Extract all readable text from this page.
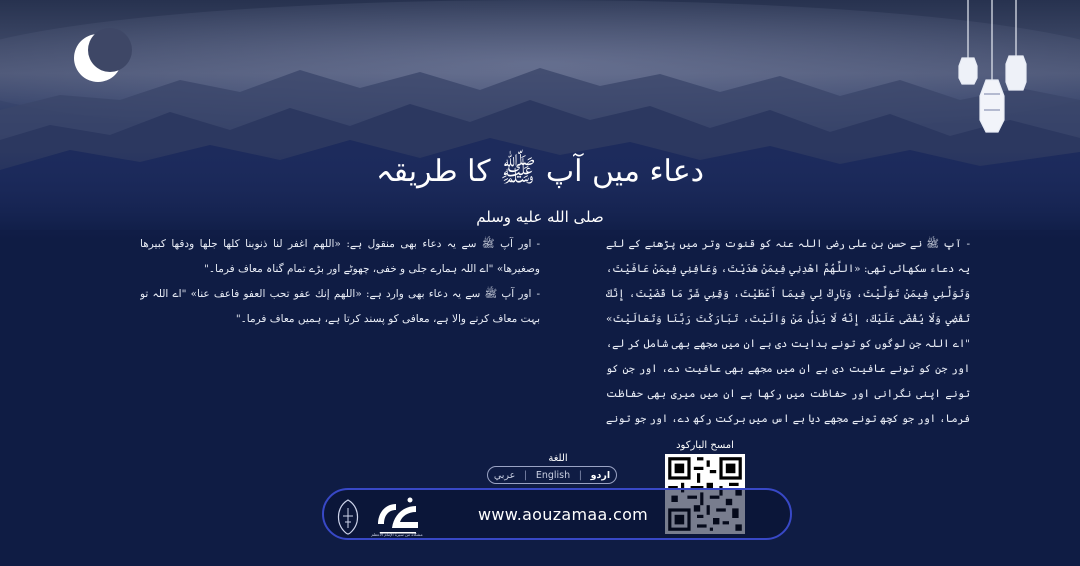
دعاء میں آپ ﷺ کا طریقہ
صلى الله عليه وسلم

-آپ ﷺ نے حسن بن علی رضی اللہ عنہ کو قنوت وتر میں پڑھنے کے لئے یہ دعاء سکھائی تھی: «اللَّهُمَّ اهْدِنِي فِيمَنْ هَدَيْتَ، وَعَافِنِي فِيمَنْ عَافَيْتَ، وَتَوَلَّنِي فِيمَنْ تَوَلَّيْتَ، وَبَارِكْ لِي فِيمَا أَعْطَيْتَ، وَقِنِي شَرَّ مَا قَضَيْتَ، إِنَّكَ تَقْضِي وَلَا يُقْضَى عَلَيْكَ، إِنَّهُ لَا يَذِلُّ مَنْ وَالَيْتَ، تَبَارَكْتَ رَبَّنَا وَتَعَالَيْتَ» "اے اللہ جن لوگوں کو تونے ہدایت دی ہے ان میں مجھے بھی شامل کر لے، اور جن کو تونے عافیت دی ہے ان میں مجھے بھی عافیت دے، اور جن کو تونے اپنی نگرانی اور حفاظت میں رکھا ہے ان میں میری بھی حفاظت فرما، اور جو کچھ تونے مجھے دیا ہے اس میں برکت رکھ دے، اور جو تونے

-اور آپ ﷺ سے یہ دعاء بھی منقول ہے: «اللهم اغفر لنا ذنوبنا كلها جلها ودقها كبيرها وصغيرها» "اے اللہ ہمارے جلی و خفی، چھوٹے اور بڑے تمام گناہ معاف فرما۔"

-اور آپ ﷺ سے یہ دعاء بھی وارد ہے: «اللهم إنك عفو تحب العفو فاعف عنا» "اے اللہ تو بہت معاف کرنے والا ہے، معافی کو پسند کرتا ہے، ہمیں معاف فرما۔"

اللغة
عربي | English | اردو
امسح الباركود
www.aouzamaa.com
مشكاة من سيرة الإمام الأعظم
